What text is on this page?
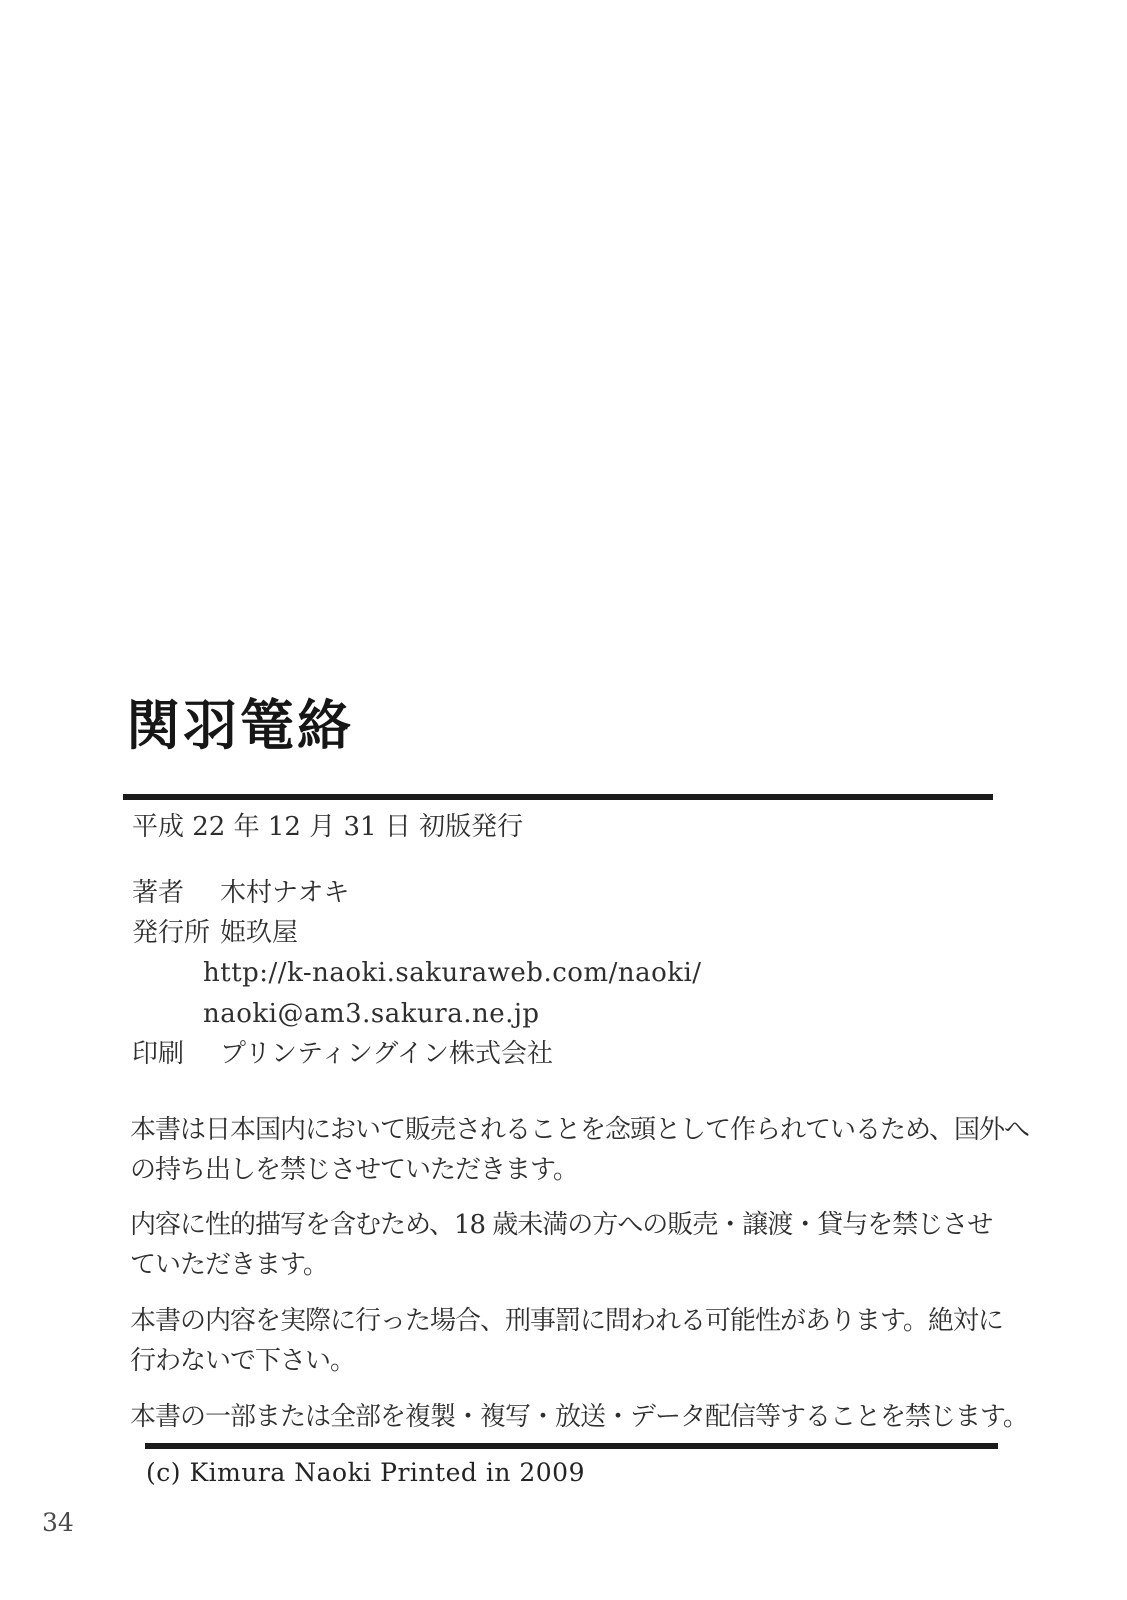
関羽篭絡
平成 22 年 12 月 31 日 初版発行
著者 木村ナオキ
発行所 姫玖屋
http://k-naoki.sakuraweb.com/naoki/
naoki@am3.sakura.ne.jp
印刷 プリンティングイン株式会社
本書は日本国内において販売されることを念頭として作られているため、国外へ
の持ち出しを禁じさせていただきます。
内容に性的描写を含むため、18 歳未満の方への販売・譲渡・貸与を禁じさせ
ていただきます。
本書の内容を実際に行った場合、刑事罰に問われる可能性があります。絶対に
行わないで下さい。
本書の一部または全部を複製・複写・放送・データ配信等することを禁じます。
(c) Kimura Naoki Printed in 2009
34
